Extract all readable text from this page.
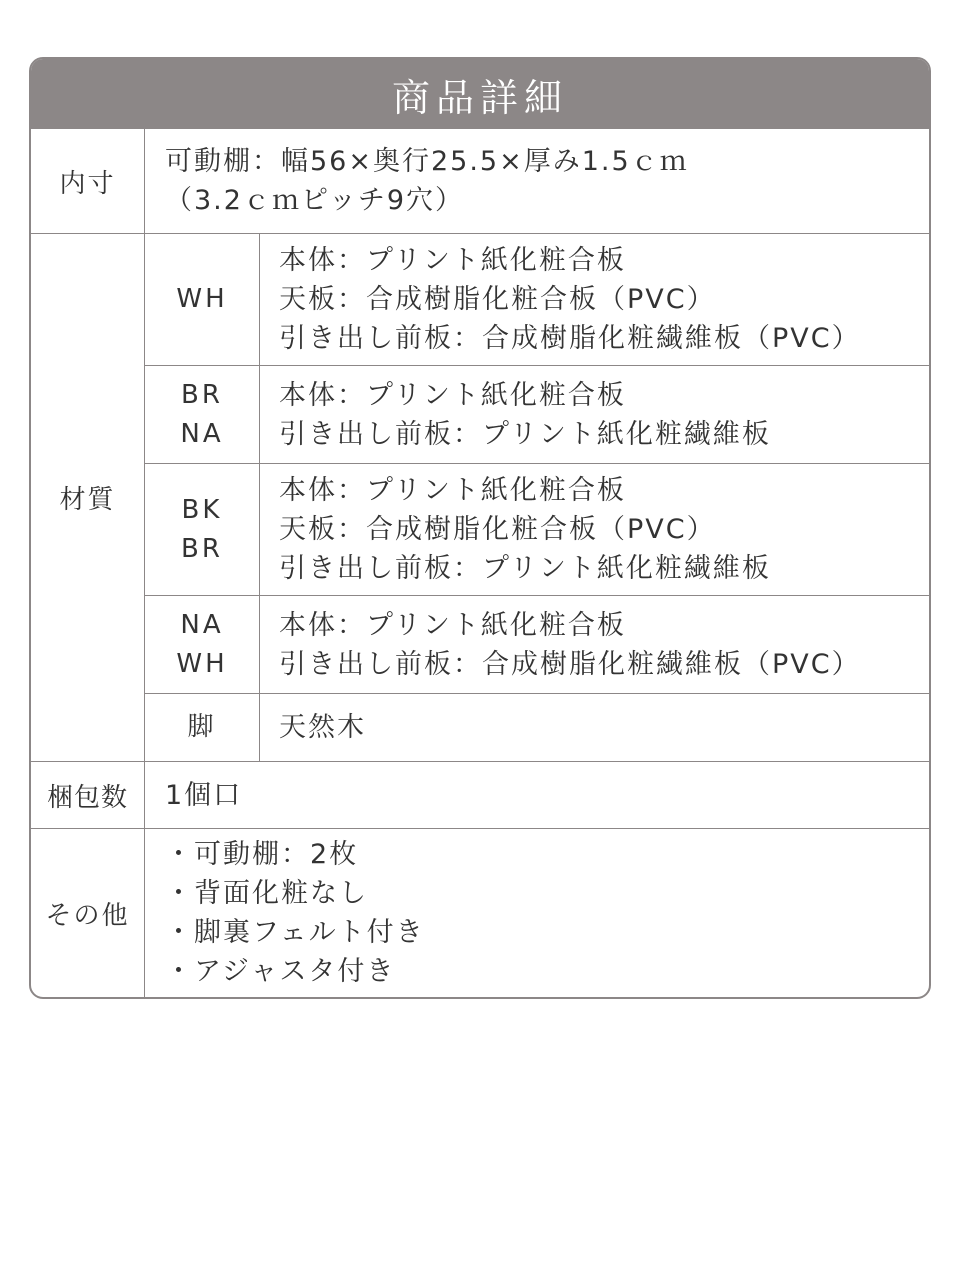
商品詳細
内寸
可動棚：幅56×奥行25.5×厚み1.5ｃｍ
（3.2ｃｍピッチ9穴）
材質
WH
本体：プリント紙化粧合板
天板：合成樹脂化粧合板（PVC）
引き出し前板：合成樹脂化粧繊維板（PVC）
BR
NA
本体：プリント紙化粧合板
引き出し前板：プリント紙化粧繊維板
BK
BR
本体：プリント紙化粧合板
天板：合成樹脂化粧合板（PVC）
引き出し前板：プリント紙化粧繊維板
NA
WH
本体：プリント紙化粧合板
引き出し前板：合成樹脂化粧繊維板（PVC）
脚 天然木
梱包数	1個口
その他
・可動棚：2枚
・背面化粧なし
・脚裏フェルト付き
・アジャスタ付き
